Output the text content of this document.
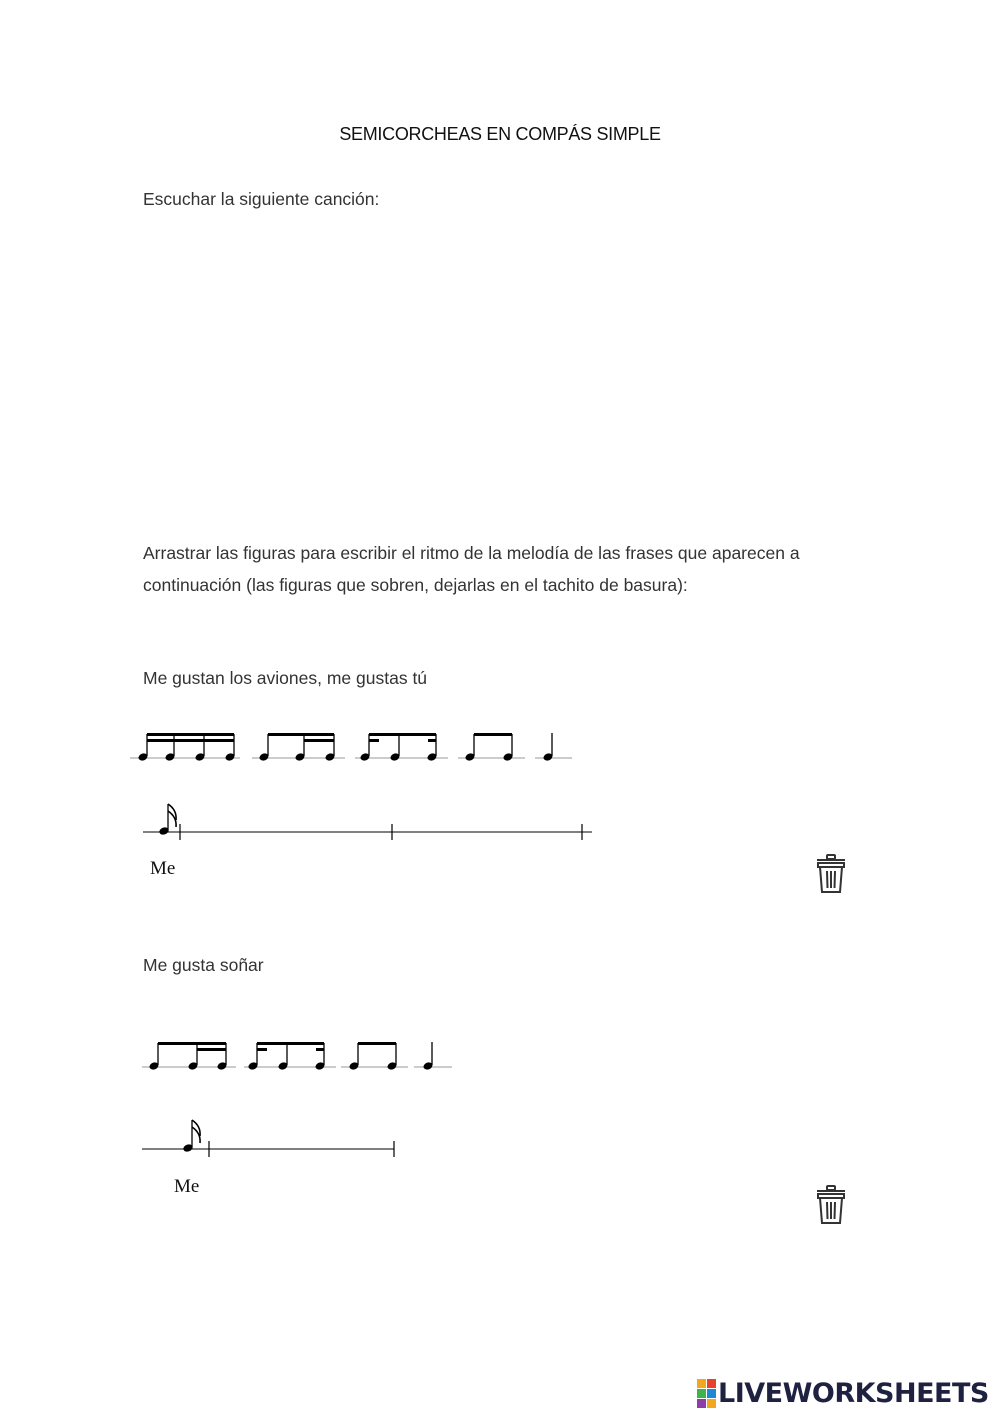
SEMICORCHEAS EN COMPÁS SIMPLE
Escuchar la siguiente canción:
Arrastrar las figuras para escribir el ritmo de la melodía de las frases que aparecen a continuación (las figuras que sobren, dejarlas en el tachito de basura):
Me gustan los aviones, me gustas tú
Me gusta soñar
Me
Me
LIVEWORKSHEETS
